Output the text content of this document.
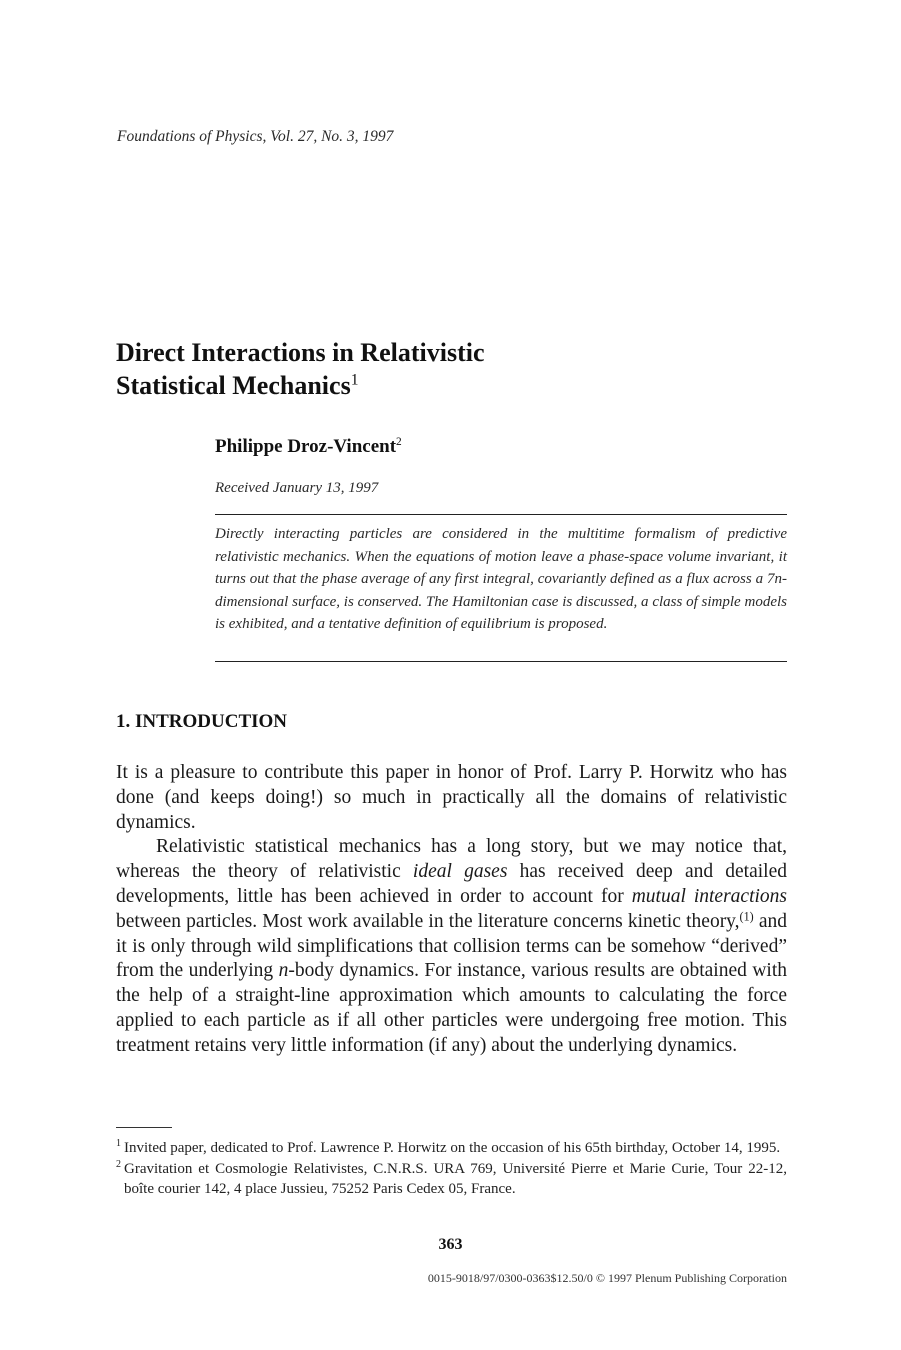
Foundations of Physics, Vol. 27, No. 3, 1997
Direct Interactions in Relativistic
Statistical Mechanics$^1$
Philippe Droz-Vincent$^2$
Received January 13, 1997
Directly interacting particles are considered in the multitime formalism of predictive relativistic mechanics. When the equations of motion leave a phase-space volume invariant, it turns out that the phase average of any first integral, covariantly defined as a flux across a 7n-dimensional surface, is conserved. The Hamiltonian case is discussed, a class of simple models is exhibited, and a tentative definition of equilibrium is proposed.
1. INTRODUCTION

It is a pleasure to contribute this paper in honor of Prof. Larry P. Horwitz who has done (and keeps doing!) so much in practically all the domains of relativistic dynamics.

Relativistic statistical mechanics has a long story, but we may notice that, whereas the theory of relativistic ideal gases has received deep and detailed developments, little has been achieved in order to account for mutual interactions between particles. Most work available in the literature concerns kinetic theory,$^{(1)}$ and it is only through wild simplifications that collision terms can be somehow “derived” from the underlying n-body dynamics. For instance, various results are obtained with the help of a straight-line approximation which amounts to calculating the force applied to each particle as if all other particles were undergoing free motion. This treatment retains very little information (if any) about the underlying dynamics.

1 Invited paper, dedicated to Prof. Lawrence P. Horwitz on the occasion of his 65th birthday, October 14, 1995.
2 Gravitation et Cosmologie Relativistes, C.N.R.S. URA 769, Université Pierre et Marie Curie, Tour 22-12, boîte courier 142, 4 place Jussieu, 75252 Paris Cedex 05, France.
363
0015-9018/97/0300-0363$12.50/0 © 1997 Plenum Publishing Corporation
